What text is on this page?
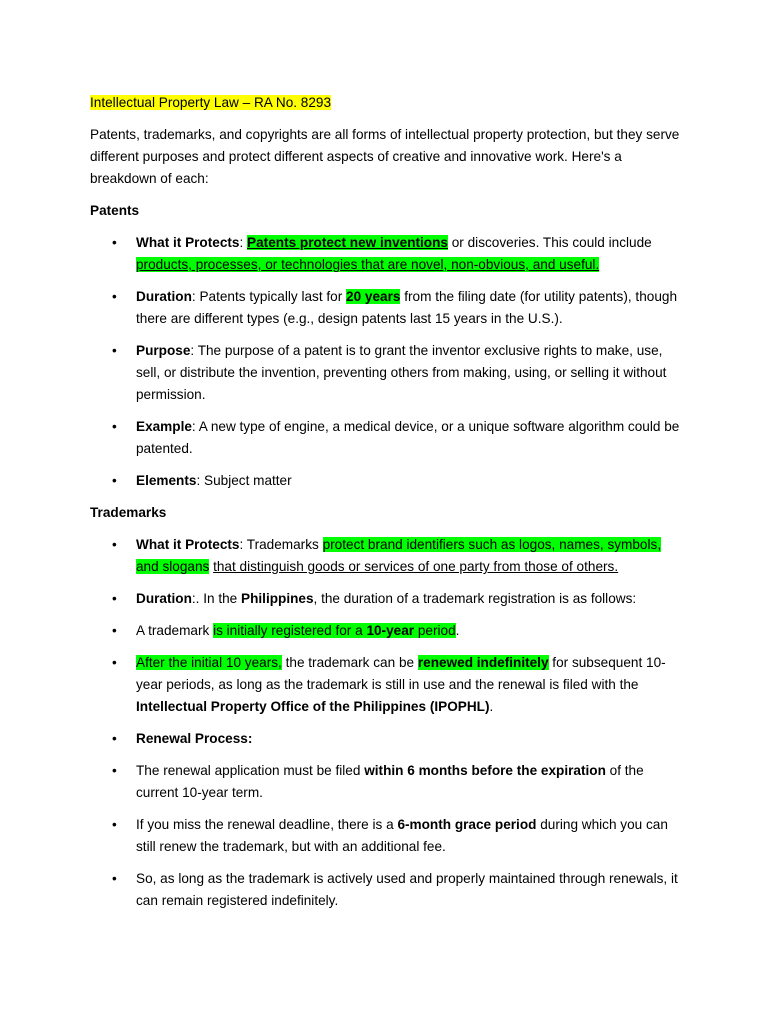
Intellectual Property Law – RA No. 8293

Patents, trademarks, and copyrights are all forms of intellectual property protection, but they serve different purposes and protect different aspects of creative and innovative work. Here's a breakdown of each:

Patents

• What it Protects: Patents protect new inventions or discoveries. This could include products, processes, or technologies that are novel, non-obvious, and useful.
• Duration: Patents typically last for 20 years from the filing date (for utility patents), though there are different types (e.g., design patents last 15 years in the U.S.).
• Purpose: The purpose of a patent is to grant the inventor exclusive rights to make, use, sell, or distribute the invention, preventing others from making, using, or selling it without permission.
• Example: A new type of engine, a medical device, or a unique software algorithm could be patented.
• Elements: Subject matter

Trademarks

• What it Protects: Trademarks protect brand identifiers such as logos, names, symbols, and slogans that distinguish goods or services of one party from those of others.
• Duration:. In the Philippines, the duration of a trademark registration is as follows:
• A trademark is initially registered for a 10-year period.
• After the initial 10 years, the trademark can be renewed indefinitely for subsequent 10-year periods, as long as the trademark is still in use and the renewal is filed with the Intellectual Property Office of the Philippines (IPOPHL).
• Renewal Process:
• The renewal application must be filed within 6 months before the expiration of the current 10-year term.
• If you miss the renewal deadline, there is a 6-month grace period during which you can still renew the trademark, but with an additional fee.
• So, as long as the trademark is actively used and properly maintained through renewals, it can remain registered indefinitely.
